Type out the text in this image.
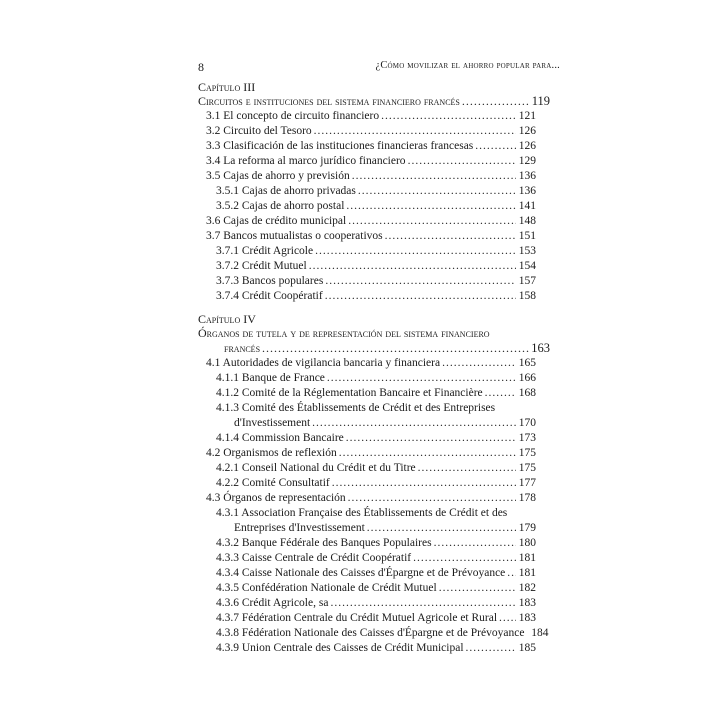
8	¿Cómo movilizar el ahorro popular para...
Capítulo III
Circuitos e instituciones del sistema financiero francés .....	119
3.1 El concepto de circuito financiero .....	121
3.2 Circuito del Tesoro .....	126
3.3 Clasificación de las instituciones financieras francesas .....	126
3.4 La reforma al marco jurídico financiero .....	129
3.5 Cajas de ahorro y previsión .....	136
3.5.1 Cajas de ahorro privadas .....	136
3.5.2 Cajas de ahorro postal .....	141
3.6 Cajas de crédito municipal .....	148
3.7 Bancos mutualistas o cooperativos .....	151
3.7.1 Crédit Agricole .....	153
3.7.2 Crédit Mutuel .....	154
3.7.3 Bancos populares .....	157
3.7.4 Crédit Coopératif .....	158
Capítulo IV
Órganos de tutela y de representación del sistema financiero
francés .....	163
4.1 Autoridades de vigilancia bancaria y financiera .....	165
4.1.1 Banque de France .....	166
4.1.2 Comité de la Réglementation Bancaire et Financière .....	168
4.1.3 Comité des Établissements de Crédit et des Entreprises
d'Investissement .....	170
4.1.4 Commission Bancaire .....	173
4.2 Organismos de reflexión .....	175
4.2.1 Conseil National du Crédit et du Titre .....	175
4.2.2 Comité Consultatif .....	177
4.3 Órganos de representación .....	178
4.3.1 Association Française des Établissements de Crédit et des
Entreprises d'Investissement .....	179
4.3.2 Banque Fédérale des Banques Populaires .....	180
4.3.3 Caisse Centrale de Crédit Coopératif .....	181
4.3.4 Caisse Nationale des Caisses d'Épargne et de Prévoyance ..... 181
4.3.5 Confédération Nationale de Crédit Mutuel .....	182
4.3.6 Crédit Agricole, sa .....	183
4.3.7 Fédération Centrale du Crédit Mutuel Agricole et Rural ..... 183
4.3.8 Fédération Nationale des Caisses d'Épargne et de Prévoyance 184
4.3.9 Union Centrale des Caisses de Crédit Municipal .....	185
